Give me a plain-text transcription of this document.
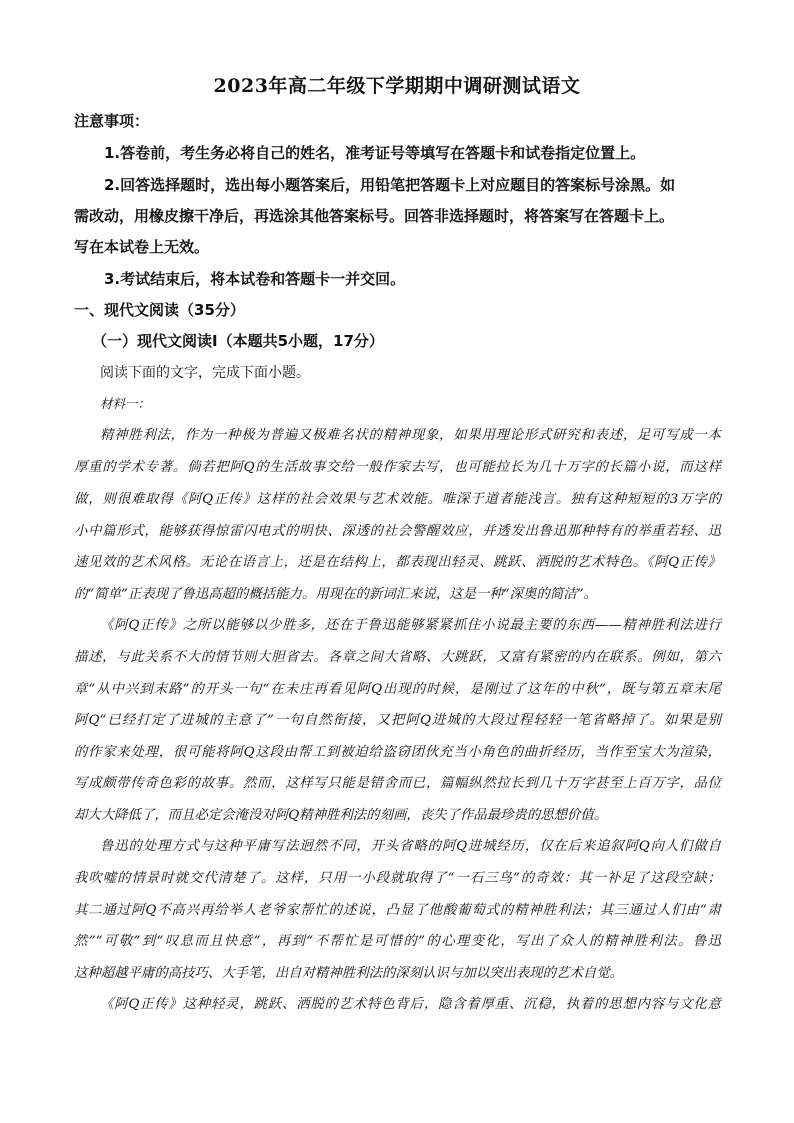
2023年高二年级下学期期中调研测试语文
注意事项：
1.答卷前，考生务必将自己的姓名，准考证号等填写在答题卡和试卷指定位置上。
2.回答选择题时，选出每小题答案后，用铅笔把答题卡上对应题目的答案标号涂黑。如
需改动，用橡皮擦干净后，再选涂其他答案标号。回答非选择题时，将答案写在答题卡上。
写在本试卷上无效。
3.考试结束后，将本试卷和答题卡一并交回。
一、现代文阅读（35分）
（一）现代文阅读Ⅰ（本题共5小题，17分）
阅读下面的文字，完成下面小题。
材料一：
精神胜利法，作为一种极为普遍又极难名状的精神现象，如果用理论形式研究和表述，足可写成一本
厚重的学术专著。倘若把阿Q的生活故事交给一般作家去写，也可能拉长为几十万字的长篇小说，而这样
做，则很难取得《阿Q正传》这样的社会效果与艺术效能。唯深于道者能浅言。独有这种短短的3万字的
小中篇形式，能够获得惊雷闪电式的明快、深透的社会警醒效应，并透发出鲁迅那种特有的举重若轻、迅
速见效的艺术风格。无论在语言上，还是在结构上，都表现出轻灵、跳跃、洒脱的艺术特色。《阿Q正传》
的“简单”正表现了鲁迅高超的概括能力。用现在的新词汇来说，这是一种“深奥的简洁”。
《阿Q正传》之所以能够以少胜多，还在于鲁迅能够紧紧抓住小说最主要的东西——精神胜利法进行
描述，与此关系不大的情节则大胆省去。各章之间大省略、大跳跃，又富有紧密的内在联系。例如，第六
章“从中兴到末路”的开头一句“在未庄再看见阿Q出现的时候，是刚过了这年的中秋”，既与第五章末尾
阿Q“已经打定了进城的主意了”一句自然衔接，又把阿Q进城的大段过程轻轻一笔省略掉了。如果是别
的作家来处理，很可能将阿Q这段由帮工到被迫给盗窃团伙充当小角色的曲折经历，当作至宝大为渲染，
写成颇带传奇色彩的故事。然而，这样写只能是错舍而已，篇幅纵然拉长到几十万字甚至上百万字，品位
却大大降低了，而且必定会淹没对阿Q精神胜利法的刻画，丧失了作品最珍贵的思想价值。
鲁迅的处理方式与这种平庸写法迥然不同，开头省略的阿Q进城经历，仅在后来追叙阿Q向人们做自
我吹嘘的情景时就交代清楚了。这样，只用一小段就取得了“一石三鸟”的奇效：其一补足了这段空缺；
其二通过阿Q不高兴再给举人老爷家帮忙的述说，凸显了他酸葡萄式的精神胜利法；其三通过人们由“肃
然”“可敬”到“叹息而且快意”，再到“不帮忙是可惜的”的心理变化，写出了众人的精神胜利法。鲁迅
这种超越平庸的高技巧、大手笔，出自对精神胜利法的深刻认识与加以突出表现的艺术自觉。
《阿Q正传》这种轻灵，跳跃、洒脱的艺术特色背后，隐含着厚重、沉稳，执着的思想内容与文化意
